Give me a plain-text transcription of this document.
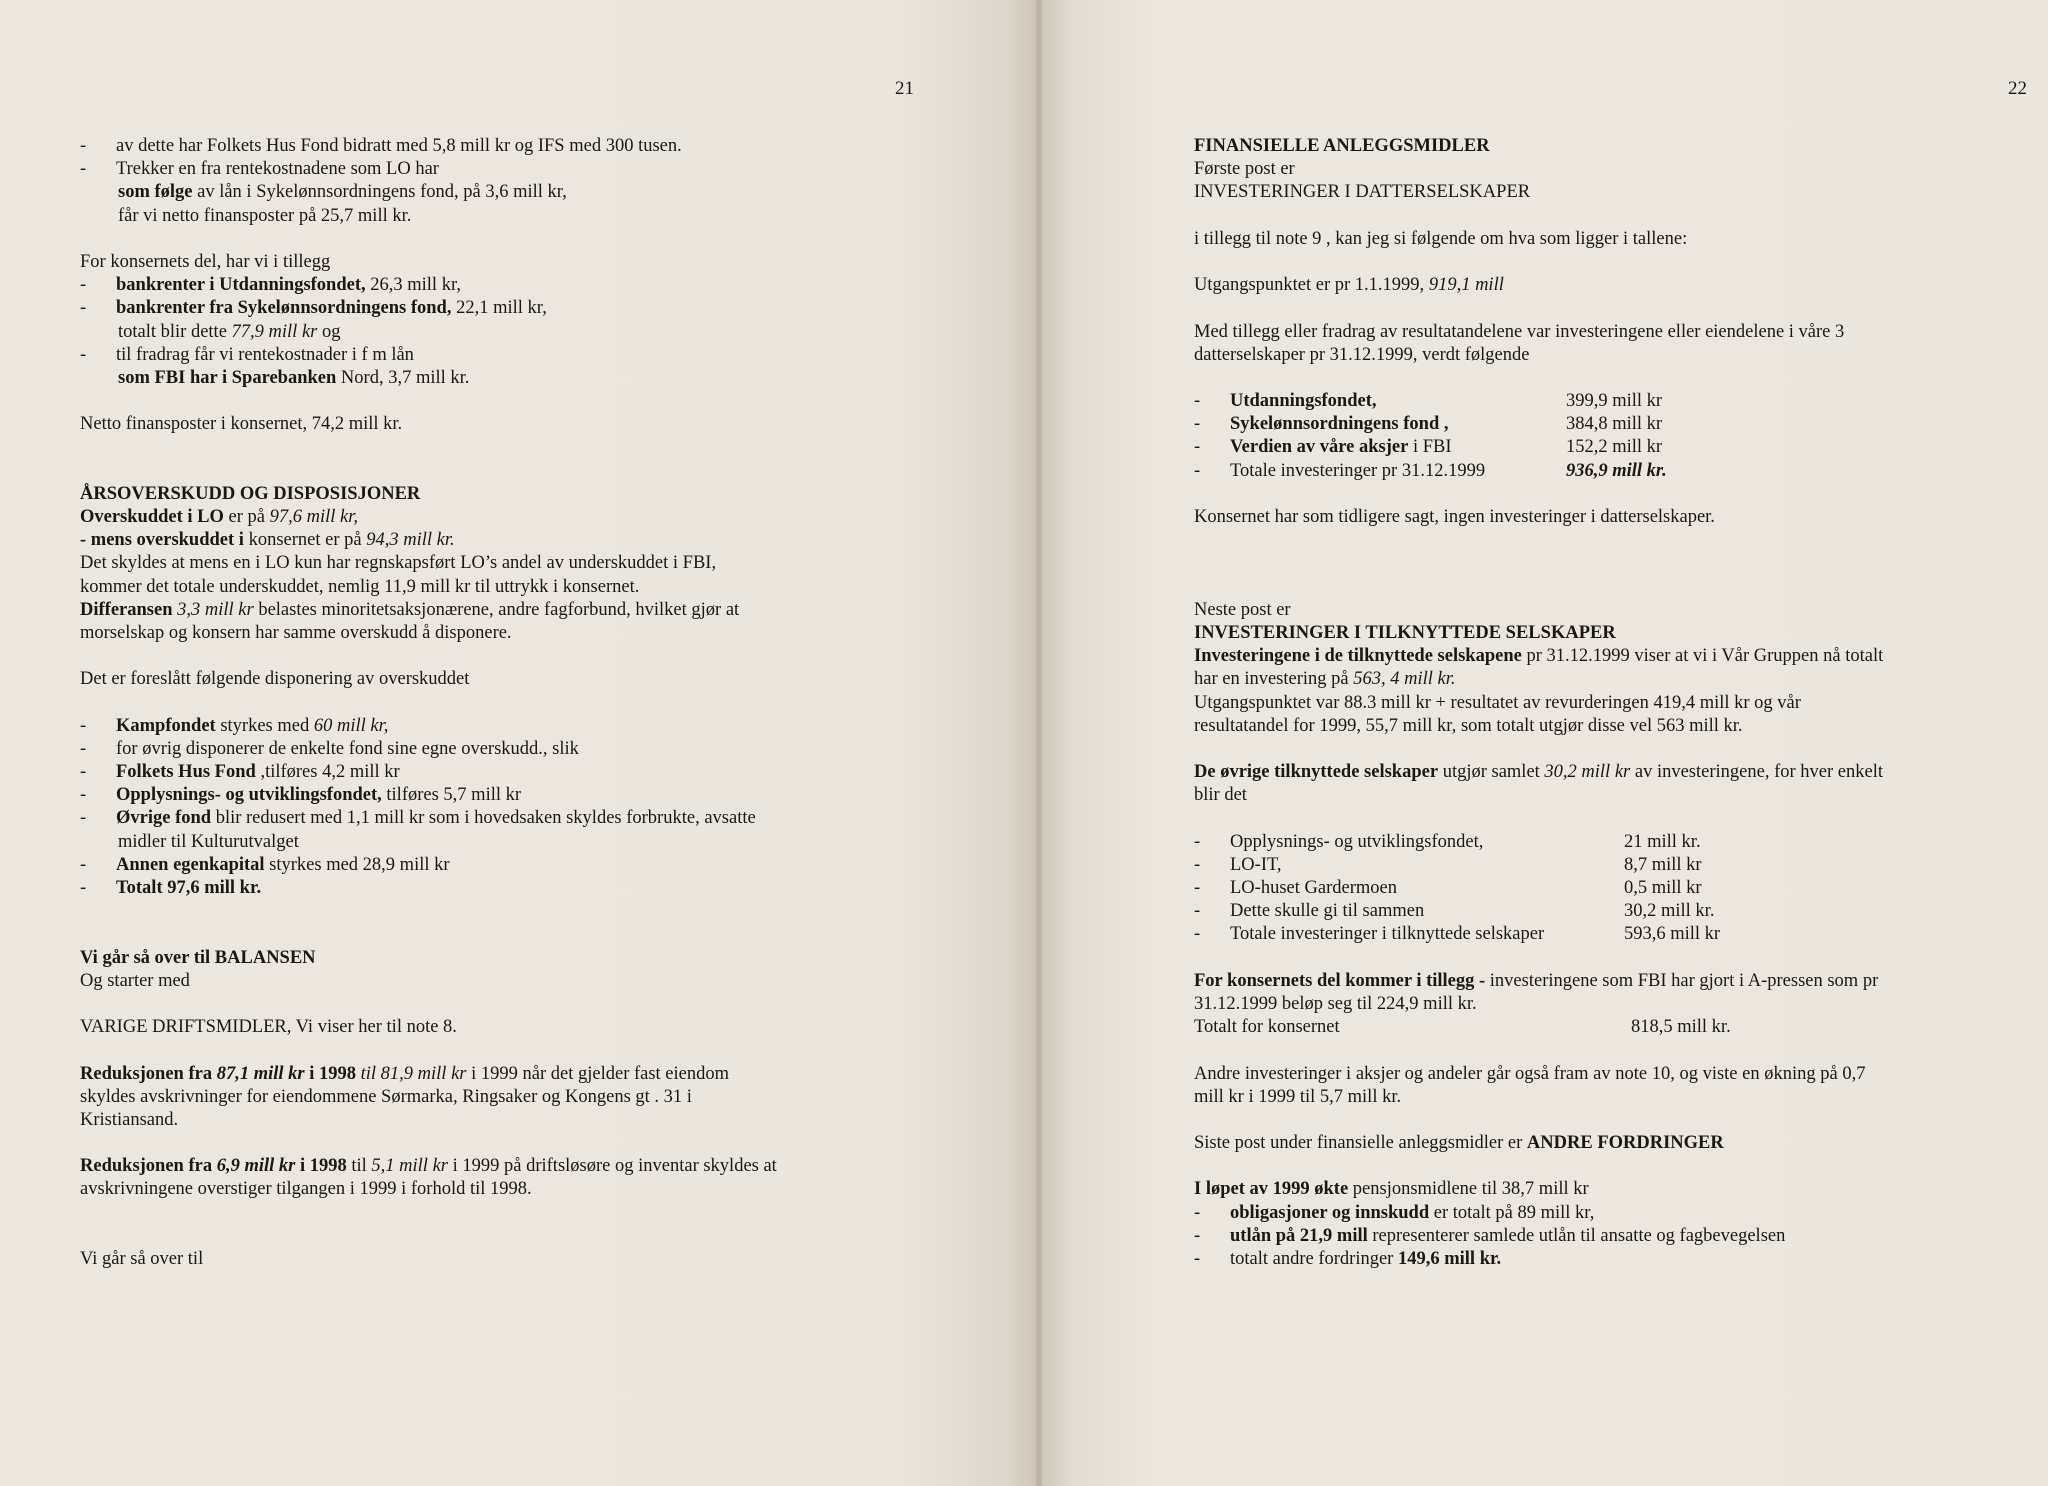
21
- av dette har Folkets Hus Fond bidratt med 5,8 mill kr og IFS med 300 tusen.
- Trekker en fra rentekostnadene som LO har
som følge av lån i Sykelønnsordningens fond, på 3,6 mill kr,
får vi netto finansposter på 25,7 mill kr.
For konsernets del, har vi i tillegg
- bankrenter i Utdanningsfondet, 26,3 mill kr,
- bankrenter fra Sykelønnsordningens fond, 22,1 mill kr,
totalt blir dette 77,9 mill kr og
- til fradrag får vi rentekostnader i f m lån
som FBI har i Sparebanken Nord, 3,7 mill kr.
Netto finansposter i konsernet, 74,2 mill kr.
ÅRSOVERSKUDD OG DISPOSISJONER
Overskuddet i LO er på 97,6 mill kr,
- mens overskuddet i konsernet er på 94,3 mill kr.
Det skyldes at mens en i LO kun har regnskapsført LO’s andel av underskuddet i FBI,
kommer det totale underskuddet, nemlig 11,9 mill kr til uttrykk i konsernet.
Differansen 3,3 mill kr belastes minoritetsaksjonærene, andre fagforbund, hvilket gjør at
morselskap og konsern har samme overskudd å disponere.
Det er foreslått følgende disponering av overskuddet
- Kampfondet styrkes med 60 mill kr,
- for øvrig disponerer de enkelte fond sine egne overskudd., slik
- Folkets Hus Fond ,tilføres 4,2 mill kr
- Opplysnings- og utviklingsfondet, tilføres 5,7 mill kr
- Øvrige fond blir redusert med 1,1 mill kr som i hovedsaken skyldes forbrukte, avsatte
midler til Kulturutvalget
- Annen egenkapital styrkes med 28,9 mill kr
- Totalt 97,6 mill kr.
Vi går så over til BALANSEN
Og starter med
VARIGE DRIFTSMIDLER, Vi viser her til note 8.
Reduksjonen fra 87,1 mill kr i 1998 til 81,9 mill kr i 1999 når det gjelder fast eiendom
skyldes avskrivninger for eiendommene Sørmarka, Ringsaker og Kongens gt . 31 i
Kristiansand.
Reduksjonen fra 6,9 mill kr i 1998 til 5,1 mill kr i 1999 på driftsløsøre og inventar skyldes at
avskrivningene overstiger tilgangen i 1999 i forhold til 1998.
Vi går så over til
22
FINANSIELLE ANLEGGSMIDLER
Første post er
INVESTERINGER I DATTERSELSKAPER
i tillegg til note 9 , kan jeg si følgende om hva som ligger i tallene:
Utgangspunktet er pr 1.1.1999, 919,1 mill
Med tillegg eller fradrag av resultatandelene var investeringene eller eiendelene i våre 3
datterselskaper pr 31.12.1999, verdt følgende
- Utdanningsfondet,	399,9 mill kr
- Sykelønnsordningens fond ,	384,8 mill kr
- Verdien av våre aksjer i FBI	152,2 mill kr
- Totale investeringer pr 31.12.1999	936,9 mill kr.
Konsernet har som tidligere sagt, ingen investeringer i datterselskaper.
Neste post er
INVESTERINGER I TILKNYTTEDE SELSKAPER
Investeringene i de tilknyttede selskapene pr 31.12.1999 viser at vi i Vår Gruppen nå totalt
har en investering på 563, 4 mill kr.
Utgangspunktet var 88.3 mill kr + resultatet av revurderingen 419,4 mill kr og vår
resultatandel for 1999, 55,7 mill kr, som totalt utgjør disse vel 563 mill kr.
De øvrige tilknyttede selskaper utgjør samlet 30,2 mill kr av investeringene, for hver enkelt
blir det
- Opplysnings- og utviklingsfondet,	21 mill kr.
- LO-IT,	8,7 mill kr
- LO-huset Gardermoen	0,5 mill kr
- Dette skulle gi til sammen	30,2 mill kr.
- Totale investeringer i tilknyttede selskaper	593,6 mill kr
For konsernets del kommer i tillegg - investeringene som FBI har gjort i A-pressen som pr
31.12.1999 beløp seg til 224,9 mill kr.
Totalt for konsernet	818,5 mill kr.
Andre investeringer i aksjer og andeler går også fram av note 10, og viste en økning på 0,7
mill kr i 1999 til 5,7 mill kr.
Siste post under finansielle anleggsmidler er ANDRE FORDRINGER
I løpet av 1999 økte pensjonsmidlene til 38,7 mill kr
- obligasjoner og innskudd er totalt på 89 mill kr,
- utlån på 21,9 mill representerer samlede utlån til ansatte og fagbevegelsen
- totalt andre fordringer 149,6 mill kr.
